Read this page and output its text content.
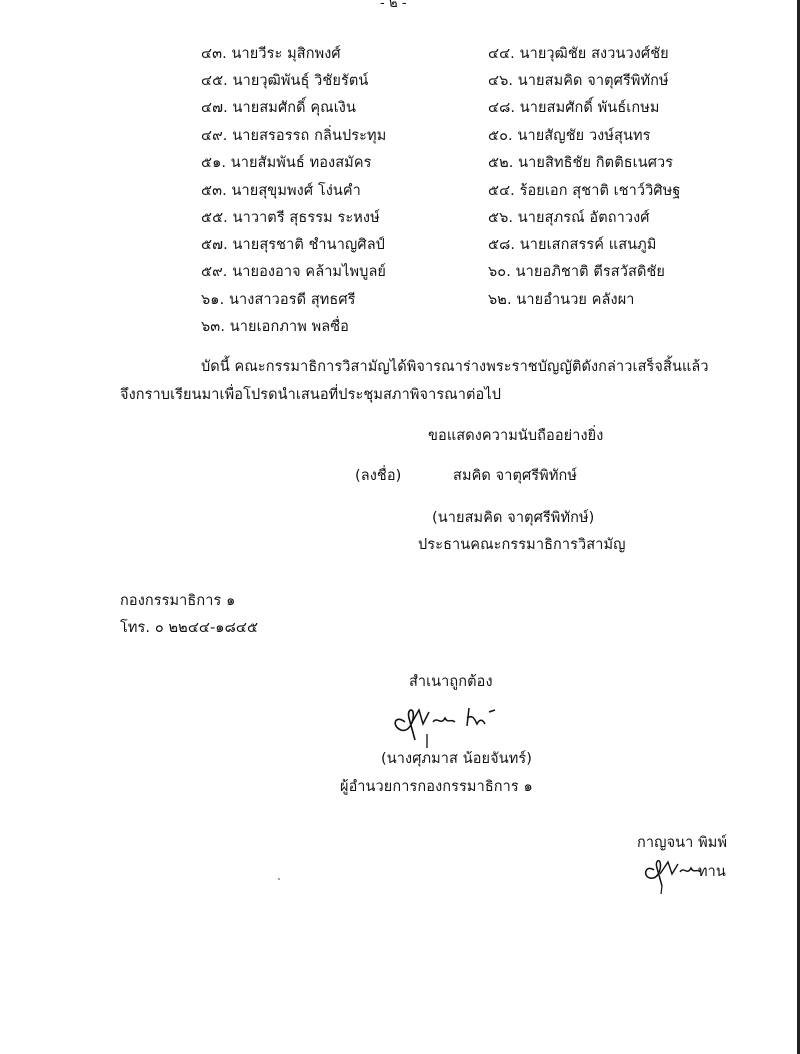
- ๒ -
๔๓. นายวีระ มุสิกพงศ์
๔๕. นายวุฒิพันธุ์ วิชัยรัตน์
๔๗. นายสมศักดิ์ คุณเงิน
๔๙. นายสรอรรถ กลิ่นประทุม
๕๑. นายสัมพันธ์ ทองสมัคร
๕๓. นายสุขุมพงศ์ โง่นคำ
๕๕. นาวาตรี สุธรรม ระหงษ์
๕๗. นายสุรชาติ ชำนาญศิลป์
๕๙. นายองอาจ คล้ามไพบูลย์
๖๑. นางสาวอรดี สุทธศรี
๖๓. นายเอกภาพ พลซื่อ
๔๔. นายวุฒิชัย สงวนวงศ์ชัย
๔๖. นายสมคิด จาตุศรีพิทักษ์
๔๘. นายสมศักดิ์ พันธ์เกษม
๕๐. นายสัญชัย วงษ์สุนทร
๕๒. นายสิทธิชัย กิตติธเนศวร
๕๔. ร้อยเอก สุชาติ เชาว์วิศิษฐ
๕๖. นายสุภรณ์ อัตถาวงศ์
๕๘. นายเสกสรรค์ แสนภูมิ
๖๐. นายอภิชาติ ตีรสวัสดิชัย
๖๒. นายอำนวย คลังผา
บัดนี้ คณะกรรมาธิการวิสามัญได้พิจารณาร่างพระราชบัญญัติดังกล่าวเสร็จสิ้นแล้ว
จึงกราบเรียนมาเพื่อโปรดนำเสนอที่ประชุมสภาพิจารณาต่อไป
ขอแสดงความนับถืออย่างยิ่ง
(ลงชื่อ)	สมคิด จาตุศรีพิทักษ์
(นายสมคิด จาตุศรีพิทักษ์)
ประธานคณะกรรมาธิการวิสามัญ
กองกรรมาธิการ ๑
โทร. ๐ ๒๒๔๔-๑๘๔๕
สำเนาถูกต้อง
(นางศุภมาส น้อยจันทร์)
ผู้อำนวยการกองกรรมาธิการ ๑
กาญจนา พิมพ์
ทาน
